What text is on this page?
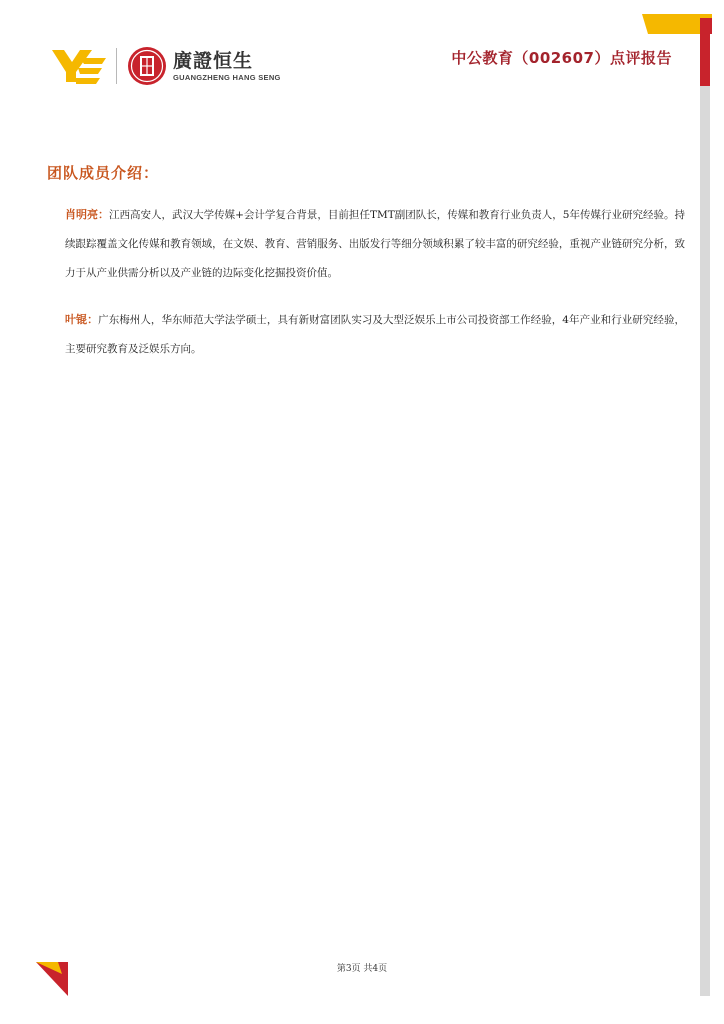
廣證恒生
GUANGZHENG HANG SENG
中公教育（002607）点评报告
团队成员介绍：

肖明亮：江西高安人，武汉大学传媒+会计学复合背景，目前担任TMT副团队长，传媒和教育行业负责人，5年传媒行业研究经验。持续跟踪覆盖文化传媒和教育领域，在文娱、教育、营销服务、出版发行等细分领域积累了较丰富的研究经验，重视产业链研究分析，致力于从产业供需分析以及产业链的边际变化挖掘投资价值。

叶锟：广东梅州人，华东师范大学法学硕士，具有新财富团队实习及大型泛娱乐上市公司投资部工作经验，4年产业和行业研究经验，主要研究教育及泛娱乐方向。

第3页 共4页
